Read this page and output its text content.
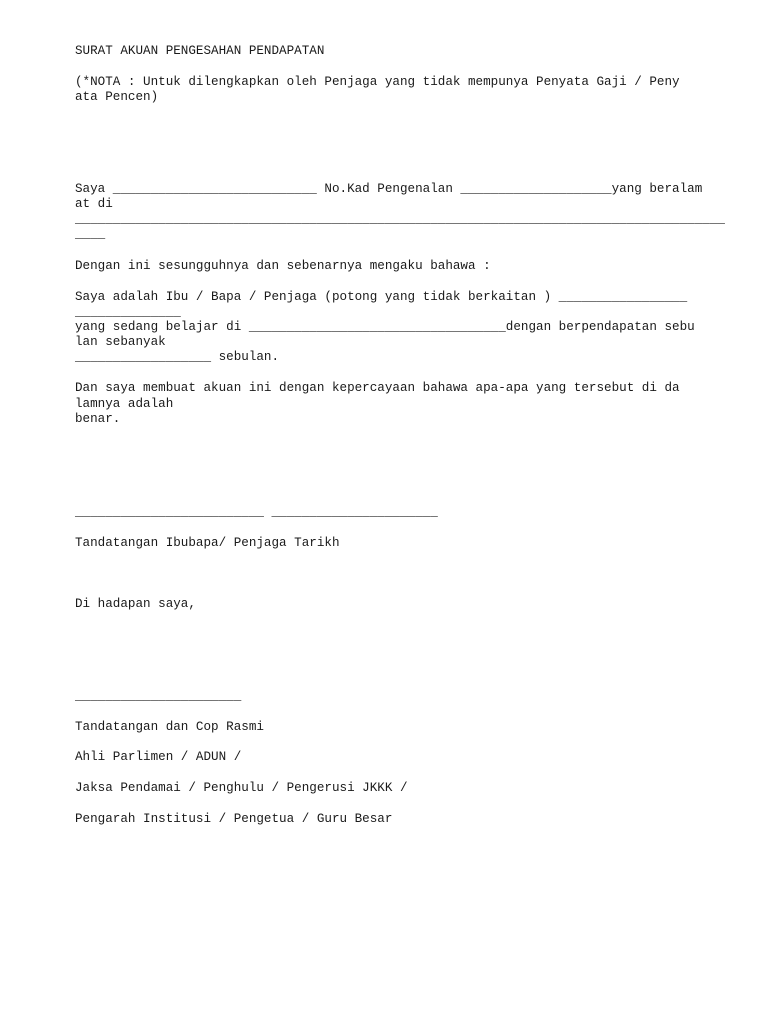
SURAT AKUAN PENGESAHAN PENDAPATAN
(*NOTA : Untuk dilengkapkan oleh Penjaga yang tidak mempunya Penyata Gaji / Peny
ata Pencen)
Saya ___________________________ No.Kad Pengenalan ____________________yang beralam
at di
______________________________________________________________________________________
____
Dengan ini sesungguhnya dan sebenarnya mengaku bahawa :
Saya adalah Ibu / Bapa / Penjaga (potong yang tidak berkaitan ) _________________
______________
yang sedang belajar di __________________________________dengan berpendapatan sebu
lan sebanyak
__________________ sebulan.
Dan saya membuat akuan ini dengan kepercayaan bahawa apa-apa yang tersebut di da
lamnya adalah
benar.
_________________________ ______________________
Tandatangan Ibubapa/ Penjaga Tarikh
Di hadapan saya,
______________________
Tandatangan dan Cop Rasmi
Ahli Parlimen / ADUN /
Jaksa Pendamai / Penghulu / Pengerusi JKKK /
Pengarah Institusi / Pengetua / Guru Besar
